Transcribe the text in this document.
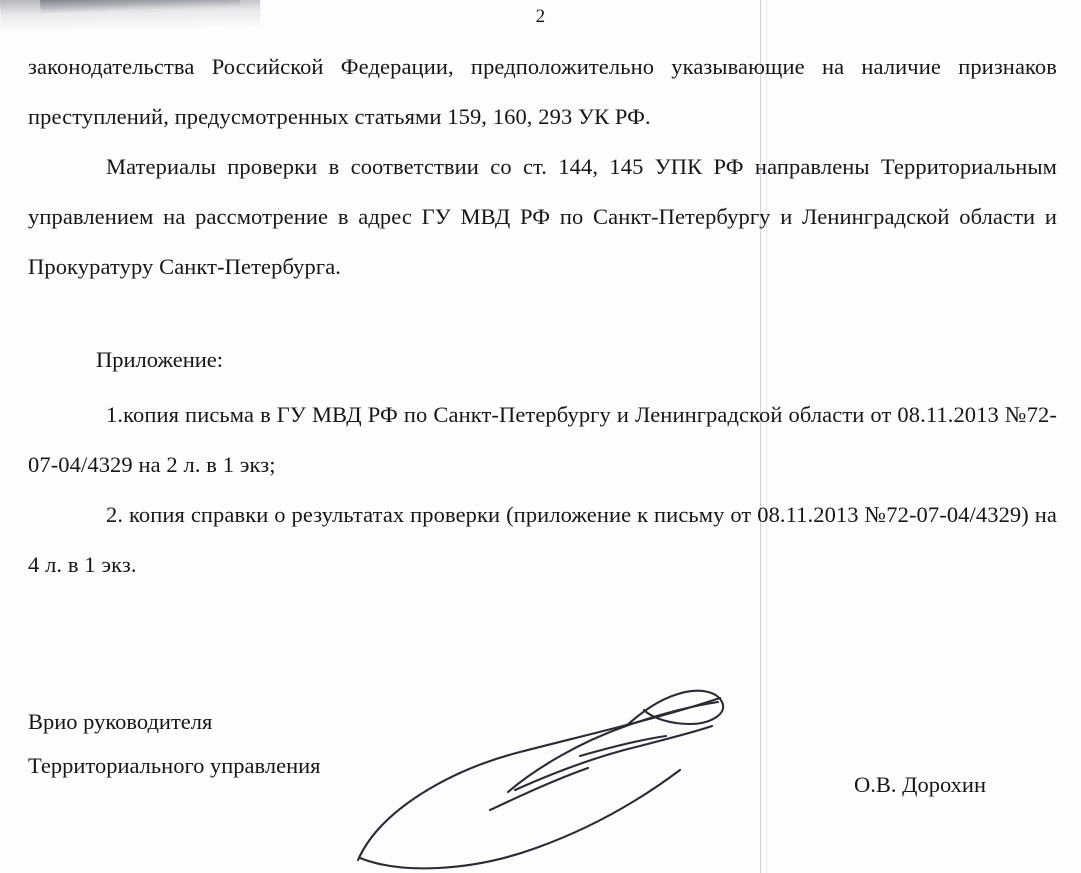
2

законодательства Российской Федерации, предположительно указывающие на наличие признаков преступлений, предусмотренных статьями 159, 160, 293 УК РФ.

Материалы проверки в соответствии со ст. 144, 145 УПК РФ направлены Территориальным управлением на рассмотрение в адрес ГУ МВД РФ по Санкт-Петербургу и Ленинградской области и Прокуратуру Санкт-Петербурга.

Приложение:

1.копия письма в ГУ МВД РФ по Санкт-Петербургу и Ленинградской области от 08.11.2013 №72-07-04/4329 на 2 л. в 1 экз;

2. копия справки о результатах проверки (приложение к письму от 08.11.2013 №72-07-04/4329) на 4 л. в 1 экз.

Врио руководителя
Территориального управления
О.В. Дорохин
